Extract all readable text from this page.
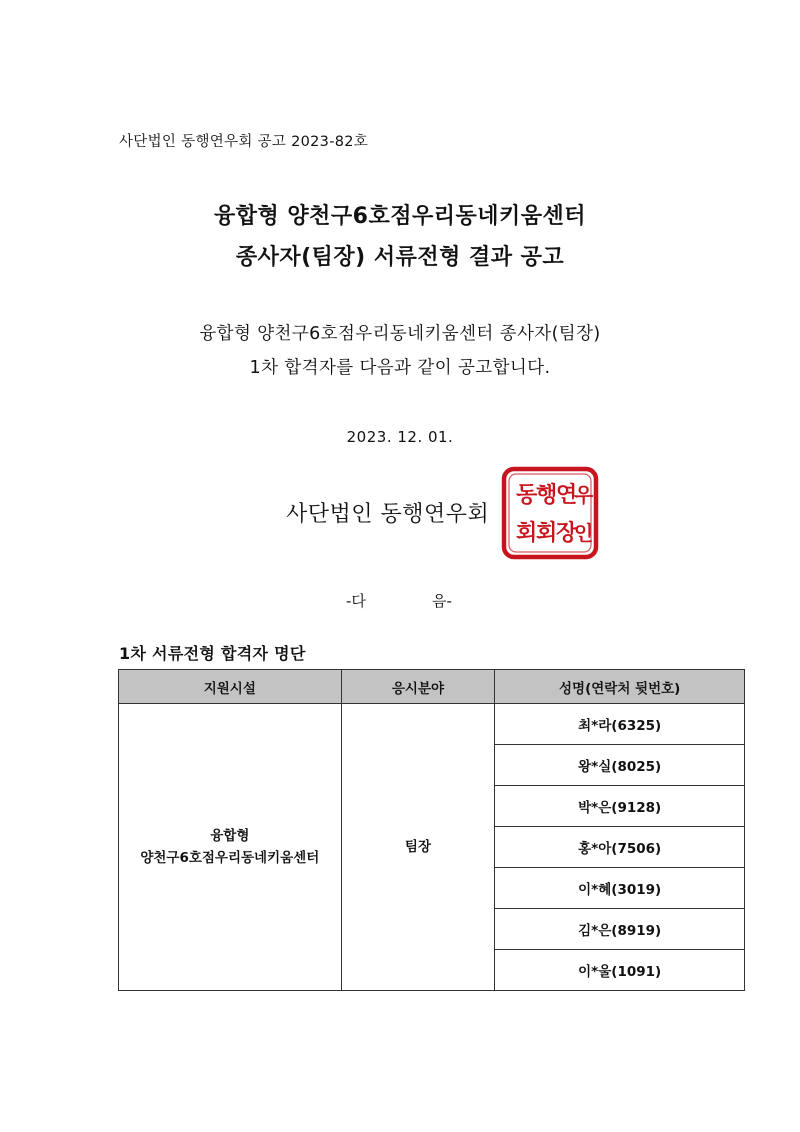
사단법인 동행연우회 공고 2023-82호
융합형 양천구6호점우리동네키움센터
종사자(팀장) 서류전형 결과 공고
융합형 양천구6호점우리동네키움센터 종사자(팀장)
1차 합격자를 다음과 같이 공고합니다.
2023. 12. 01.
동
행
연
우
회
회
장
인
사단법인 동행연우회
-다	음-
1차 서류전형 합격자 명단
지원시설	응시분야	성명(연락처 뒷번호)

융합형
양천구6호점우리동네키움센터	팀장	최*라(6325)
		왕*실(8025)
		박*은(9128)
		홍*아(7506)
		이*혜(3019)
		김*은(8919)
		이*울(1091)
